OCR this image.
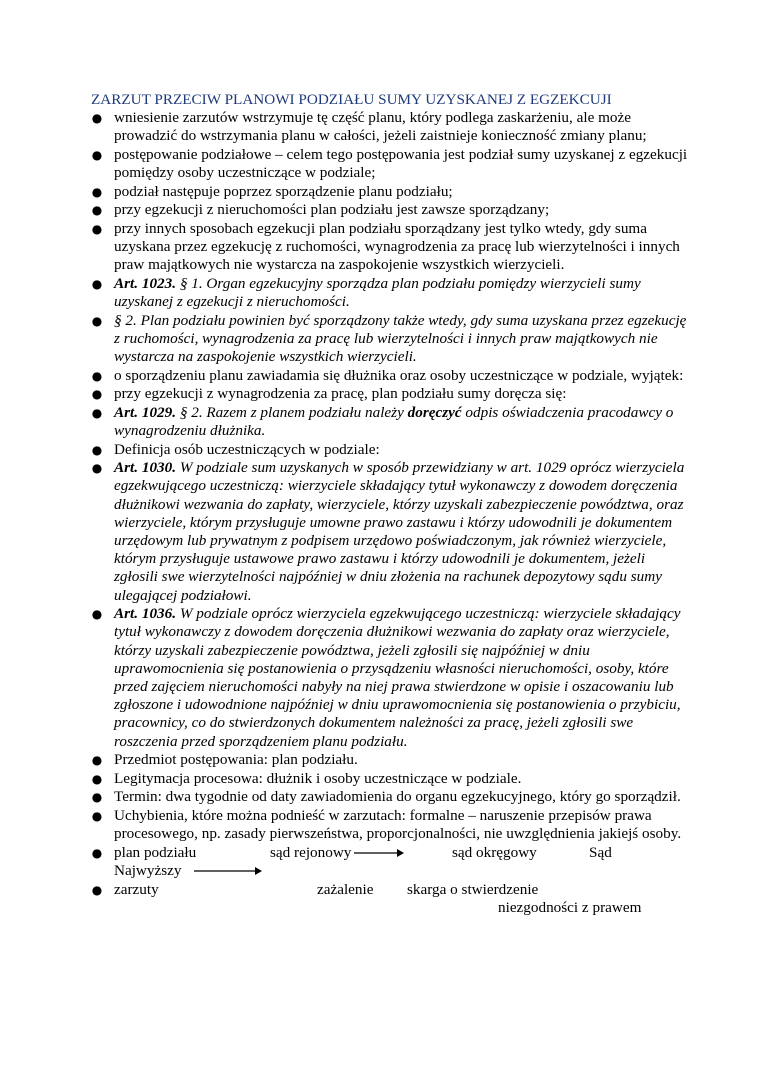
ZARZUT PRZECIW PLANOWI PODZIAŁU SUMY UZYSKANEJ Z EGZEKCUJI
● wniesienie zarzutów wstrzymuje tę część planu, który podlega zaskarżeniu, ale może prowadzić do wstrzymania planu w całości, jeżeli zaistnieje konieczność zmiany planu;
● postępowanie podziałowe – celem tego postępowania jest podział sumy uzyskanej z egzekucji pomiędzy osoby uczestniczące w podziale;
● podział następuje poprzez sporządzenie planu podziału;
● przy egzekucji z nieruchomości plan podziału jest zawsze sporządzany;
● przy innych sposobach egzekucji plan podziału sporządzany jest tylko wtedy, gdy suma uzyskana przez egzekucję z ruchomości, wynagrodzenia za pracę lub wierzytelności i innych praw majątkowych nie wystarcza na zaspokojenie wszystkich wierzycieli.
● Art. 1023. § 1. Organ egzekucyjny sporządza plan podziału pomiędzy wierzycieli sumy uzyskanej z egzekucji z nieruchomości.
● § 2. Plan podziału powinien być sporządzony także wtedy, gdy suma uzyskana przez egzekucję z ruchomości, wynagrodzenia za pracę lub wierzytelności i innych praw majątkowych nie wystarcza na zaspokojenie wszystkich wierzycieli.
● o sporządzeniu planu zawiadamia się dłużnika oraz osoby uczestniczące w podziale, wyjątek:
● przy egzekucji z wynagrodzenia za pracę, plan podziału sumy doręcza się:
● Art. 1029. § 2. Razem z planem podziału należy doręczyć odpis oświadczenia pracodawcy o wynagrodzeniu dłużnika.
● Definicja osób uczestniczących w podziale:
● Art. 1030. W podziale sum uzyskanych w sposób przewidziany w art. 1029 oprócz wierzyciela egzekwującego uczestniczą: wierzyciele składający tytuł wykonawczy z dowodem doręczenia dłużnikowi wezwania do zapłaty, wierzyciele, którzy uzyskali zabezpieczenie powództwa, oraz wierzyciele, którym przysługuje umowne prawo zastawu i którzy udowodnili je dokumentem urzędowym lub prywatnym z podpisem urzędowo poświadczonym, jak również wierzyciele, którym przysługuje ustawowe prawo zastawu i którzy udowodnili je dokumentem, jeżeli zgłosili swe wierzytelności najpóźniej w dniu złożenia na rachunek depozytowy sądu sumy ulegającej podziałowi.
● Art. 1036. W podziale oprócz wierzyciela egzekwującego uczestniczą: wierzyciele składający tytuł wykonawczy z dowodem doręczenia dłużnikowi wezwania do zapłaty oraz wierzyciele, którzy uzyskali zabezpieczenie powództwa, jeżeli zgłosili się najpóźniej w dniu uprawomocnienia się postanowienia o przysądzeniu własności nieruchomości, osoby, które przed zajęciem nieruchomości nabyły na niej prawa stwierdzone w opisie i oszacowaniu lub zgłoszone i udowodnione najpóźniej w dniu uprawomocnienia się postanowienia o przybiciu, pracownicy, co do stwierdzonych dokumentem należności za pracę, jeżeli zgłosili swe roszczenia przed sporządzeniem planu podziału.
● Przedmiot postępowania: plan podziału.
● Legitymacja procesowa: dłużnik i osoby uczestniczące w podziale.
● Termin: dwa tygodnie od daty zawiadomienia do organu egzekucyjnego, który go sporządził.
● Uchybienia, które można podnieść w zarzutach: formalne – naruszenie przepisów prawa procesowego, np. zasady pierwszeństwa, proporcjonalności, nie uwzględnienia jakiejś osoby.
● plan podziału	sąd rejonowy	sąd okręgowy	Sąd
Najwyższy
● zarzuty	zażalenie skarga o stwierdzenie
niezgodności z prawem
